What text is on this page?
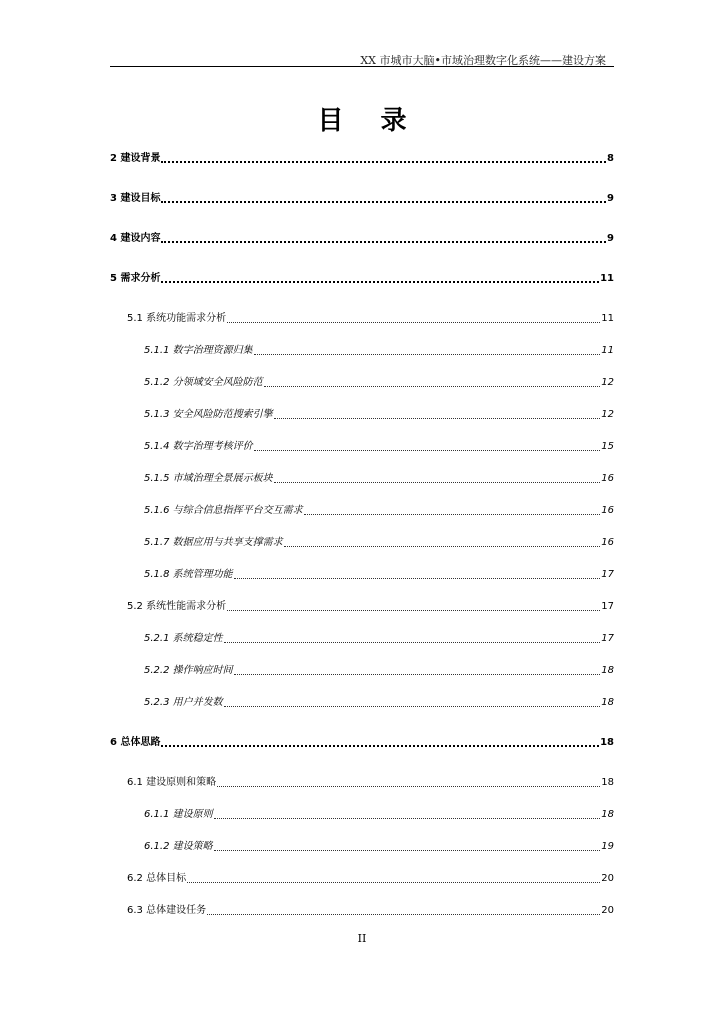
XX 市城市大脑•市域治理数字化系统——建设方案
目 录
2 建设背景	8
3 建设目标	9
4 建设内容	9
5 需求分析	11
5.1 系统功能需求分析	11
5.1.1 数字治理资源归集	11
5.1.2 分领域安全风险防范	12
5.1.3 安全风险防范搜索引擎	12
5.1.4 数字治理考核评价	15
5.1.5 市域治理全景展示板块	16
5.1.6 与综合信息指挥平台交互需求	16
5.1.7 数据应用与共享支撑需求	16
5.1.8 系统管理功能	17
5.2 系统性能需求分析	17
5.2.1 系统稳定性	17
5.2.2 操作响应时间	18
5.2.3 用户并发数	18
6 总体思路	18
6.1 建设原则和策略	18
6.1.1 建设原则	18
6.1.2 建设策略	19
6.2 总体目标	20
6.3 总体建设任务	20
II
